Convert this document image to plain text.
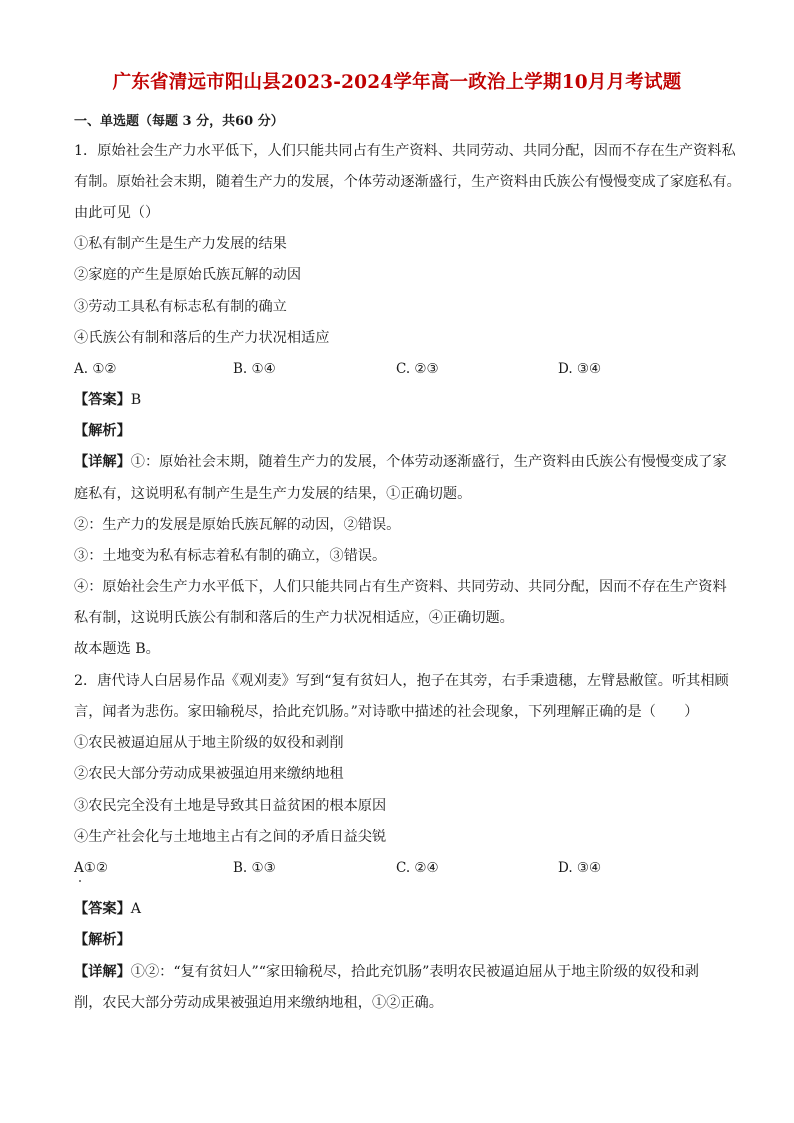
广东省清远市阳山县2023-2024学年高一政治上学期10月月考试题
一、单选题（每题 3 分，共60 分）
1．原始社会生产力水平低下，人们只能共同占有生产资料、共同劳动、共同分配，因而不存在生产资料私
有制。原始社会末期，随着生产力的发展，个体劳动逐渐盛行，生产资料由氏族公有慢慢变成了家庭私有。
由此可见（）
①私有制产生是生产力发展的结果
②家庭的产生是原始氏族瓦解的动因
③劳动工具私有标志私有制的确立
④氏族公有制和落后的生产力状况相适应
A. ①②	B. ①④	C. ②③	D. ③④
【答案】B
【解析】
【详解】①：原始社会末期，随着生产力的发展，个体劳动逐渐盛行，生产资料由氏族公有慢慢变成了家
庭私有，这说明私有制产生是生产力发展的结果，①正确切题。
②：生产力的发展是原始氏族瓦解的动因，②错误。
③：土地变为私有标志着私有制的确立，③错误。
④：原始社会生产力水平低下，人们只能共同占有生产资料、共同劳动、共同分配，因而不存在生产资料
私有制，这说明氏族公有制和落后的生产力状况相适应，④正确切题。
故本题选 B。
2．唐代诗人白居易作品《观刈麦》写到“复有贫妇人，抱子在其旁，右手秉遗穗，左臂悬敝筐。听其相顾
言，闻者为悲伤。家田输税尽，拾此充饥肠。”对诗歌中描述的社会现象，下列理解正确的是（　　）
①农民被逼迫屈从于地主阶级的奴役和剥削
②农民大部分劳动成果被强迫用来缴纳地租
③农民完全没有土地是导致其日益贫困的根本原因
④生产社会化与土地地主占有之间的矛盾日益尖锐
A①②	B. ①③	C. ②④	D. ③④
【答案】A
【解析】
【详解】①②：“复有贫妇人”“家田输税尽，拾此充饥肠”表明农民被逼迫屈从于地主阶级的奴役和剥
削，农民大部分劳动成果被强迫用来缴纳地租，①②正确。
